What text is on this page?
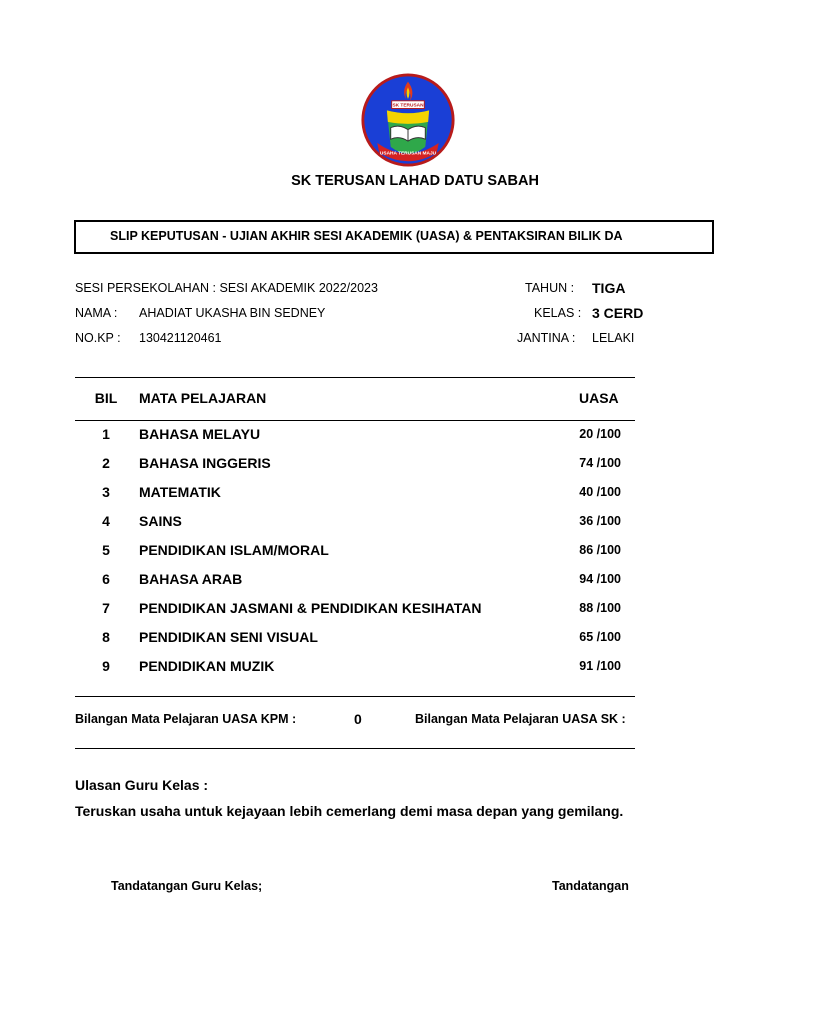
SK TERUSAN
USAHA TERUSAN MAJU
SK TERUSAN LAHAD DATU SABAH
SLIP KEPUTUSAN - UJIAN AKHIR SESI AKADEMIK (UASA) & PENTAKSIRAN BILIK DA
SESI PERSEKOLAHAN : SESI AKADEMIK 2022/2023	TAHUN : TIGA
NAMA : AHADIAT UKASHA BIN SEDNEY	KELAS : 3 CERD
NO.KP : 130421120461	JANTINA : LELAKI
BIL	MATA PELAJARAN	UASA
1	BAHASA MELAYU	20 /100
2	BAHASA INGGERIS	74 /100
3	MATEMATIK	40 /100
4	SAINS	36 /100
5	PENDIDIKAN ISLAM/MORAL	86 /100
6	BAHASA ARAB	94 /100
7	PENDIDIKAN JASMANI & PENDIDIKAN KESIHATAN	88 /100
8	PENDIDIKAN SENI VISUAL	65 /100
9	PENDIDIKAN MUZIK	91 /100
Bilangan Mata Pelajaran UASA KPM :	0	Bilangan Mata Pelajaran UASA SK :
Ulasan Guru Kelas :
Teruskan usaha untuk kejayaan lebih cemerlang demi masa depan yang gemilang.
Tandatangan Guru Kelas;	Tandatangan
